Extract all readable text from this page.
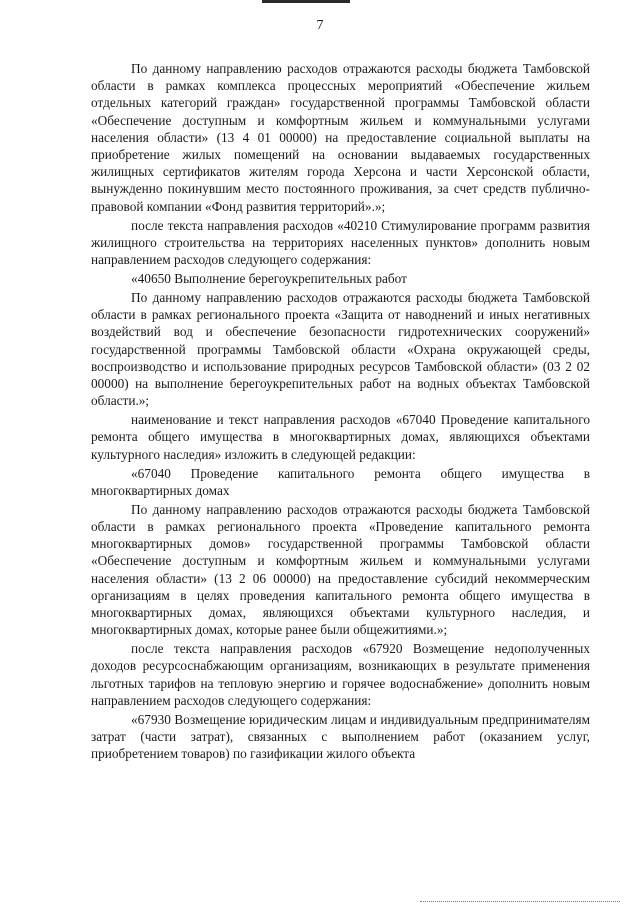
7

По данному направлению расходов отражаются расходы бюджета Тамбовской области в рамках комплекса процессных мероприятий «Обеспечение жильем отдельных категорий граждан» государственной программы Тамбовской области «Обеспечение доступным и комфортным жильем и коммунальными услугами населения области» (13 4 01 00000) на предоставление социальной выплаты на приобретение жилых помещений на основании выдаваемых государственных жилищных сертификатов жителям города Херсона и части Херсонской области, вынужденно покинувшим место постоянного проживания, за счет средств публично-правовой компании «Фонд развития территорий».»;

после текста направления расходов «40210 Стимулирование программ развития жилищного строительства на территориях населенных пунктов» дополнить новым направлением расходов следующего содержания:

«40650 Выполнение берегоукрепительных работ

По данному направлению расходов отражаются расходы бюджета Тамбовской области в рамках регионального проекта «Защита от наводнений и иных негативных воздействий вод и обеспечение безопасности гидротехнических сооружений» государственной программы Тамбовской области «Охрана окружающей среды, воспроизводство и использование природных ресурсов Тамбовской области» (03 2 02 00000) на выполнение берегоукрепительных работ на водных объектах Тамбовской области.»;

наименование и текст направления расходов «67040 Проведение капитального ремонта общего имущества в многоквартирных домах, являющихся объектами культурного наследия» изложить в следующей редакции:

«67040 Проведение капитального ремонта общего имущества в многоквартирных домах

По данному направлению расходов отражаются расходы бюджета Тамбовской области в рамках регионального проекта «Проведение капитального ремонта многоквартирных домов» государственной программы Тамбовской области «Обеспечение доступным и комфортным жильем и коммунальными услугами населения области» (13 2 06 00000) на предоставление субсидий некоммерческим организациям в целях проведения капитального ремонта общего имущества в многоквартирных домах, являющихся объектами культурного наследия, и многоквартирных домах, которые ранее были общежитиями.»;

после текста направления расходов «67920 Возмещение недополученных доходов ресурсоснабжающим организациям, возникающих в результате применения льготных тарифов на тепловую энергию и горячее водоснабжение» дополнить новым направлением расходов следующего содержания:

«67930 Возмещение юридическим лицам и индивидуальным предпринимателям затрат (части затрат), связанных с выполнением работ (оказанием услуг, приобретением товаров) по газификации жилого объекта
